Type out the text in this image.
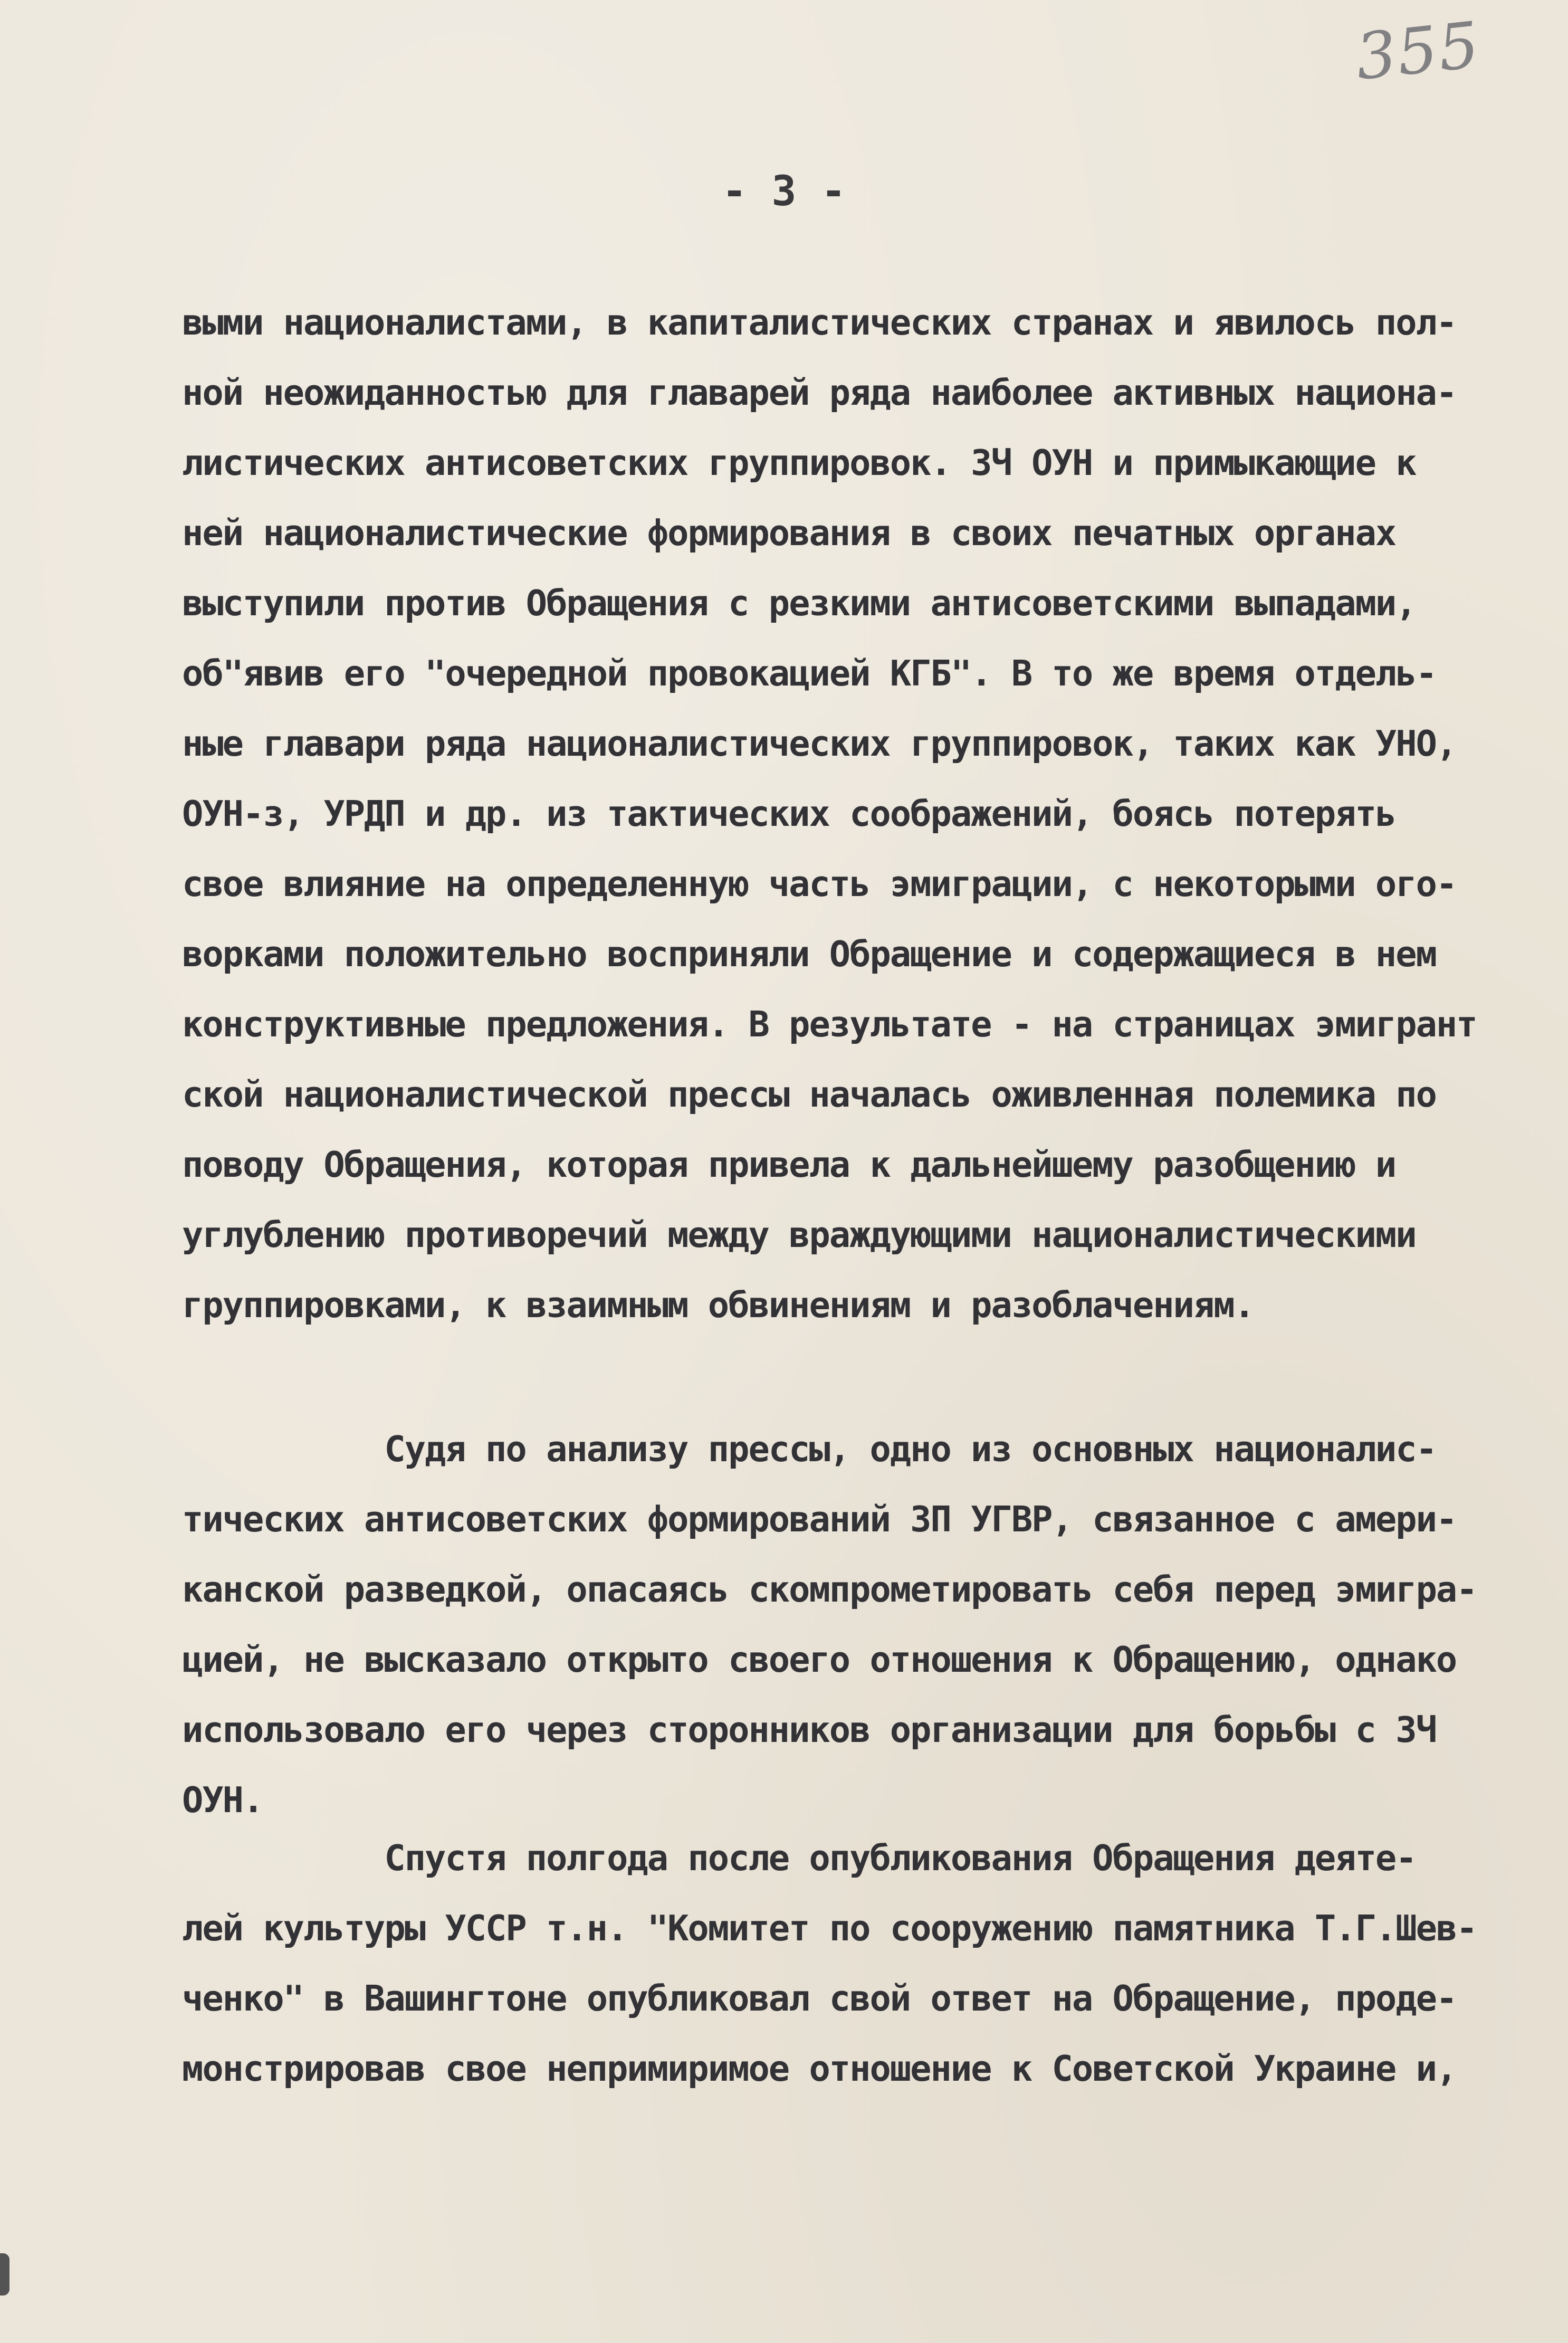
355
- 3 -
выми националистами, в капиталистических странах и явилось пол-
ной неожиданностью для главарей ряда наиболее активных национа-
листических антисоветских группировок. ЗЧ ОУН и примыкающие к
ней националистические формирования в своих печатных органах
выступили против Обращения с резкими антисоветскими выпадами,
об"явив его "очередной провокацией КГБ". В то же время отдель-
ные главари ряда националистических группировок, таких как УНО,
ОУН-з, УРДП и др. из тактических соображений, боясь потерять
свое влияние на определенную часть эмиграции, с некоторыми ого-
ворками положительно восприняли Обращение и содержащиеся в нем
конструктивные предложения. В результате - на страницах эмигрант
ской националистической прессы началась оживленная полемика по
поводу Обращения, которая привела к дальнейшему разобщению и
углублению противоречий между враждующими националистическими
группировками, к взаимным обвинениям и разоблачениям.
Судя по анализу прессы, одно из основных националис-
тических антисоветских формирований ЗП УГВР, связанное с амери-
канской разведкой, опасаясь скомпрометировать себя перед эмигра-
цией, не высказало открыто своего отношения к Обращению, однако
использовало его через сторонников организации для борьбы с ЗЧ
ОУН.
Спустя полгода после опубликования Обращения деяте-
лей культуры УССР т.н. "Комитет по сооружению памятника Т.Г.Шев-
ченко" в Вашингтоне опубликовал свой ответ на Обращение, проде-
монстрировав свое непримиримое отношение к Советской Украине и,
